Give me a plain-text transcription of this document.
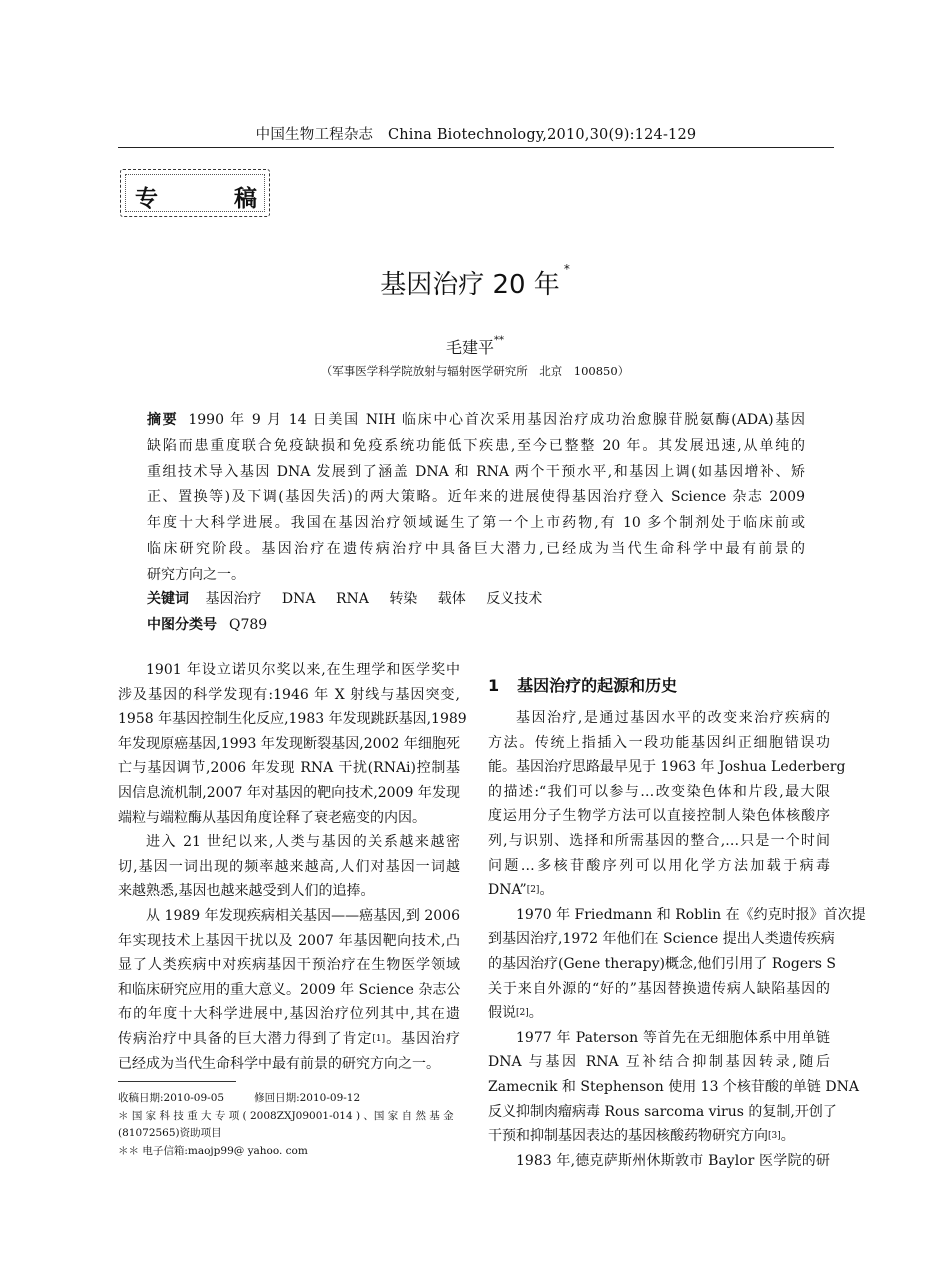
中国生物工程杂志　China Biotechnology,2010,30(9):124-129
专	稿
基因治疗 20 年*
毛建平**
（军事医学科学院放射与辐射医学研究所　北京　100850）
摘要 1990 年 9 月 14 日美国 NIH 临床中心首次采用基因治疗成功治愈腺苷脱氨酶(ADA)基因
缺陷而患重度联合免疫缺损和免疫系统功能低下疾患,至今已整整 20 年。其发展迅速,从单纯的
重组技术导入基因 DNA 发展到了涵盖 DNA 和 RNA 两个干预水平,和基因上调(如基因增补、矫
正、置换等)及下调(基因失活)的两大策略。近年来的进展使得基因治疗登入 Science 杂志 2009
年度十大科学进展。我国在基因治疗领域诞生了第一个上市药物,有 10 多个制剂处于临床前或
临床研究阶段。基因治疗在遗传病治疗中具备巨大潜力,已经成为当代生命科学中最有前景的
研究方向之一。
关键词 基因治疗 DNA RNA 转染 载体 反义技术
中图分类号 Q789

1901 年设立诺贝尔奖以来,在生理学和医学奖中
涉及基因的科学发现有:1946 年 X 射线与基因突变,
1958 年基因控制生化反应,1983 年发现跳跃基因,1989
年发现原癌基因,1993 年发现断裂基因,2002 年细胞死
亡与基因调节,2006 年发现 RNA 干扰(RNAi)控制基
因信息流机制,2007 年对基因的靶向技术,2009 年发现
端粒与端粒酶从基因角度诠释了衰老癌变的内因。

进入 21 世纪以来,人类与基因的关系越来越密
切,基因一词出现的频率越来越高,人们对基因一词越
来越熟悉,基因也越来越受到人们的追捧。

从 1989 年发现疾病相关基因——癌基因,到 2006
年实现技术上基因干扰以及 2007 年基因靶向技术,凸
显了人类疾病中对疾病基因干预治疗在生物医学领域
和临床研究应用的重大意义。2009 年 Science 杂志公
布的年度十大科学进展中,基因治疗位列其中,其在遗
传病治疗中具备的巨大潜力得到了肯定[1]。基因治疗
已经成为当代生命科学中最有前景的研究方向之一。

收稿日期:2010-09-05	修回日期:2010-09-12
＊ 国 家 科 技 重 大 专 项 ( 2008ZXJ09001-014 ) 、国 家 自 然 基 金
(81072565)资助项目
＊＊ 电子信箱:maojp99@ yahoo. com
1 基因治疗的起源和历史

基因治疗,是通过基因水平的改变来治疗疾病的
方法。传统上指插入一段功能基因纠正细胞错误功
能。基因治疗思路最早见于 1963 年 Joshua Lederberg
的描述:“我们可以参与…改变染色体和片段,最大限
度运用分子生物学方法可以直接控制人染色体核酸序
列,与识别、选择和所需基因的整合,…只是一个时间
问题…多核苷酸序列可以用化学方法加载于病毒
DNA”[2]。

1970 年 Friedmann 和 Roblin 在《约克时报》首次提
到基因治疗,1972 年他们在 Science 提出人类遗传疾病
的基因治疗(Gene therapy)概念,他们引用了 Rogers S
关于来自外源的“好的”基因替换遗传病人缺陷基因的
假说[2]。

1977 年 Paterson 等首先在无细胞体系中用单链
DNA 与基因 RNA 互补结合抑制基因转录,随后
Zamecnik 和 Stephenson 使用 13 个核苷酸的单链 DNA
反义抑制肉瘤病毒 Rous sarcoma virus 的复制,开创了
干预和抑制基因表达的基因核酸药物研究方向[3]。

1983 年,德克萨斯州休斯敦市 Baylor 医学院的研
